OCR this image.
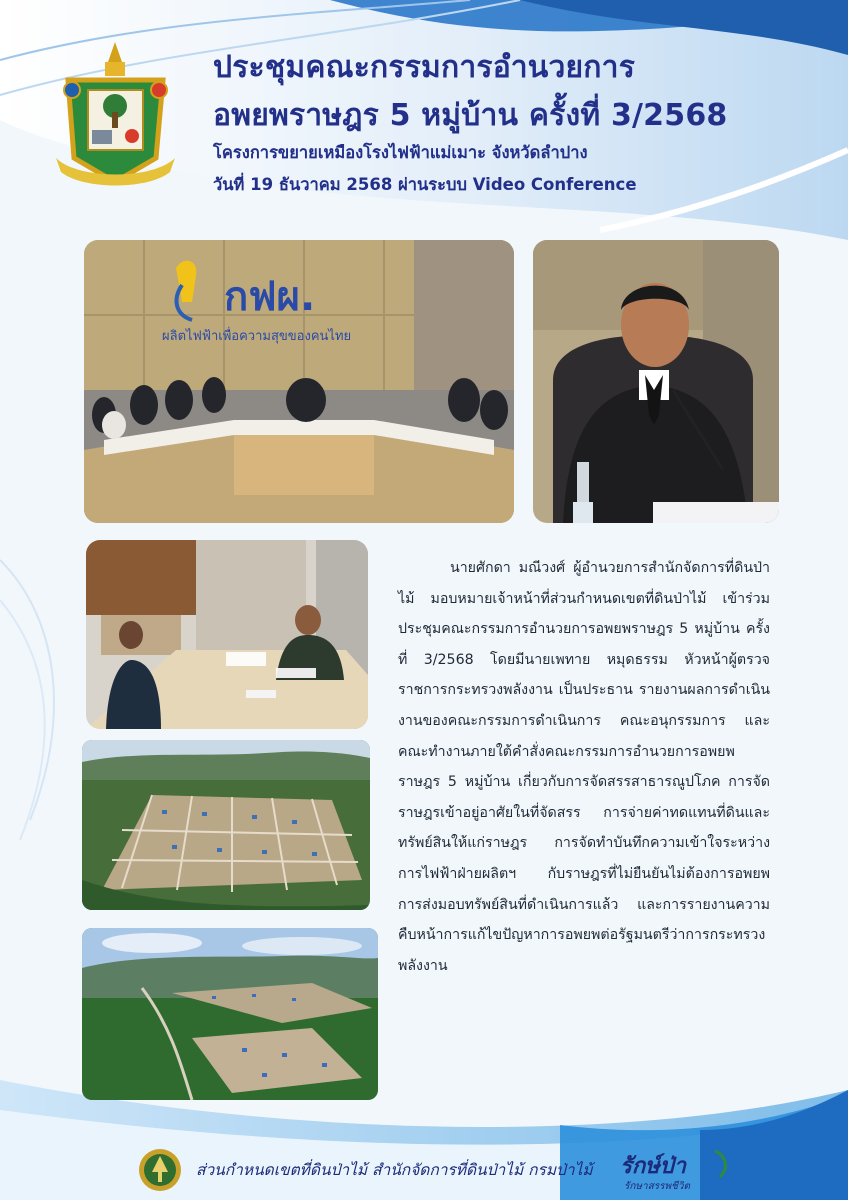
ประชุมคณะกรรมการอำนวยการ
อพยพราษฎร 5 หมู่บ้าน ครั้งที่ 3/2568
โครงการขยายเหมืองโรงไฟฟ้าแม่เมาะ จังหวัดลำปาง
วันที่ 19 ธันวาคม 2568 ผ่านระบบ Video Conference
กฟผ.
ผลิตไฟฟ้าเพื่อความสุขของคนไทย
นายศักดา มณีวงศ์ ผู้อำนวยการสำนักจัดการที่ดินป่าไม้ มอบหมายเจ้าหน้าที่ส่วนกำหนดเขตที่ดินป่าไม้ เข้าร่วมประชุมคณะกรรมการอำนวยการอพยพราษฎร 5 หมู่บ้าน ครั้งที่ 3/2568 โดยมีนายเพทาย หมุดธรรม หัวหน้าผู้ตรวจราชการกระทรวงพลังงาน เป็นประธาน รายงานผลการดำเนินงานของคณะกรรมการดำเนินการ คณะอนุกรรมการ และคณะทำงานภายใต้คำสั่งคณะกรรมการอำนวยการอพยพราษฎร 5 หมู่บ้าน เกี่ยวกับการจัดสรรสาธารณูปโภค การจัดราษฎรเข้าอยู่อาศัยในที่จัดสรร การจ่ายค่าทดแทนที่ดินและทรัพย์สินให้แก่ราษฎร การจัดทำบันทึกความเข้าใจระหว่างการไฟฟ้าฝ่ายผลิตฯ กับราษฎรที่ไม่ยืนยันไม่ต้องการอพยพ การส่งมอบทรัพย์สินที่ดำเนินการแล้ว และการรายงานความคืบหน้าการแก้ไขปัญหาการอพยพต่อรัฐมนตรีว่าการกระทรวงพลังงาน
ส่วนกำหนดเขตที่ดินป่าไม้ สำนักจัดการที่ดินป่าไม้ กรมป่าไม้ รักษ์ป่า
รักษาสรรพชีวิต
